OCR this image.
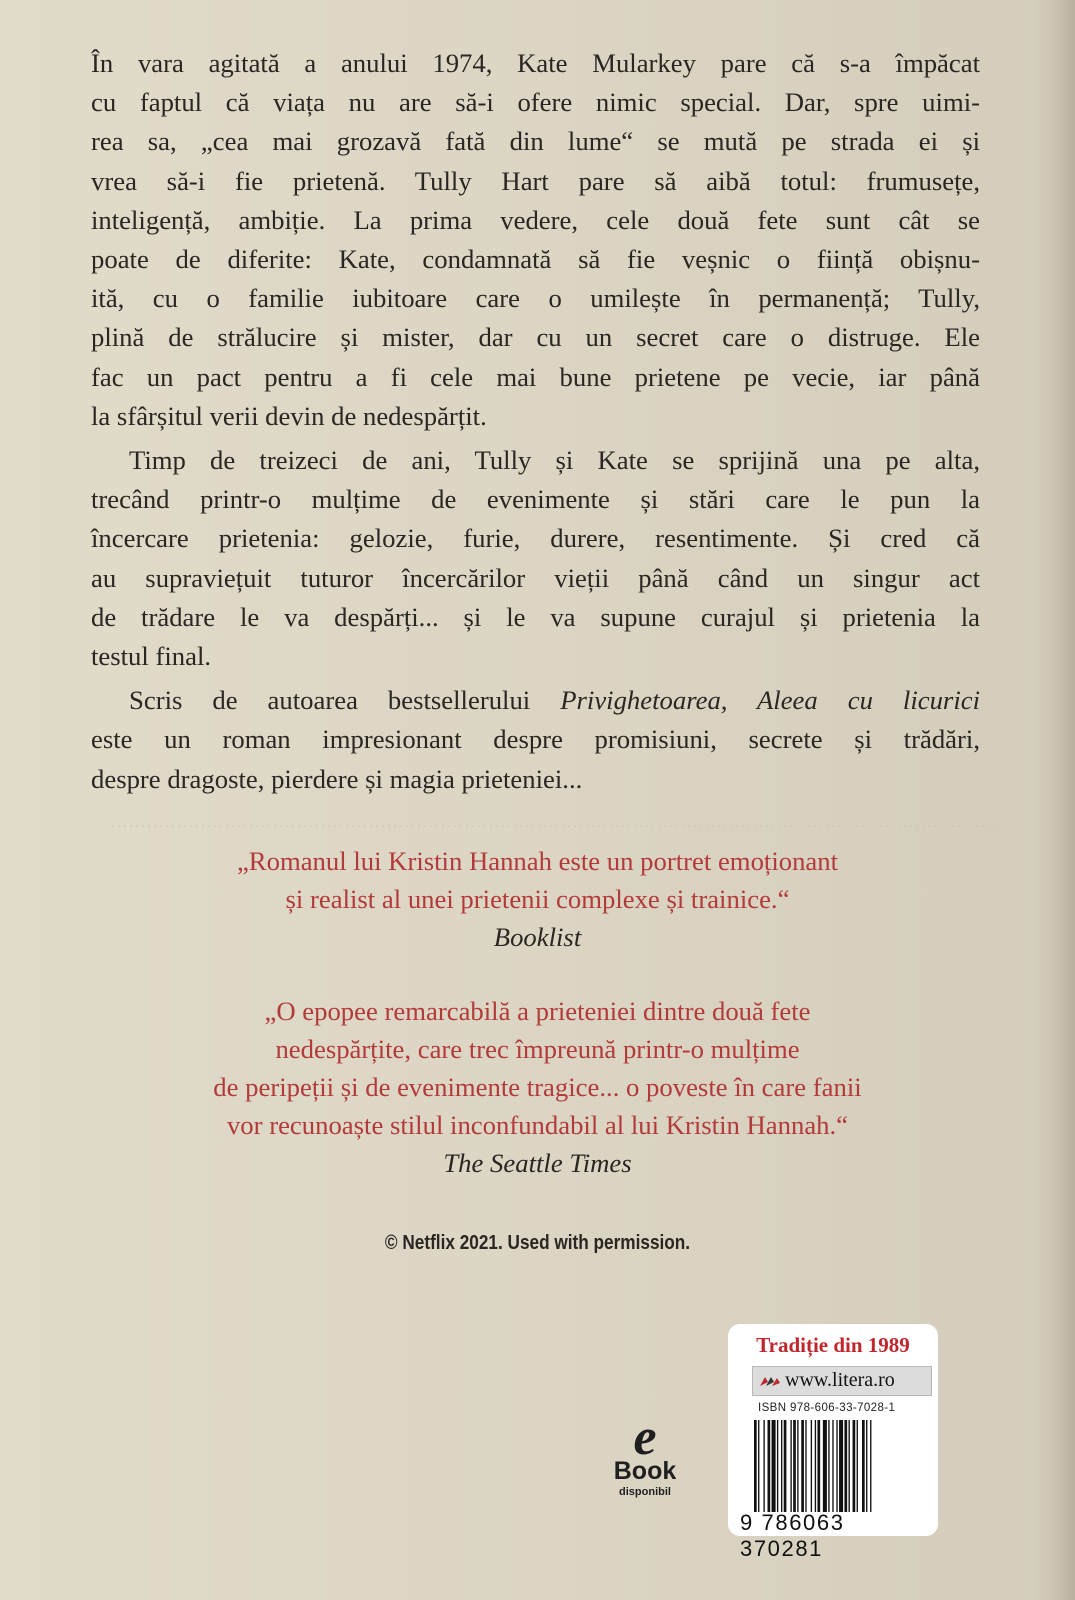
În vara agitată a anului 1974, Kate Mularkey pare că s-a împăcat
cu faptul că viața nu are să-i ofere nimic special. Dar, spre uimi-
rea sa, „cea mai grozavă fată din lume“ se mută pe strada ei și
vrea să-i fie prietenă. Tully Hart pare să aibă totul: frumusețe,
inteligență, ambiție. La prima vedere, cele două fete sunt cât se
poate de diferite: Kate, condamnată să fie veșnic o ființă obișnu-
ită, cu o familie iubitoare care o umilește în permanență; Tully,
plină de strălucire și mister, dar cu un secret care o distruge. Ele
fac un pact pentru a fi cele mai bune prietene pe vecie, iar până
la sfârșitul verii devin de nedespărțit.

Timp de treizeci de ani, Tully și Kate se sprijină una pe alta,
trecând printr-o mulțime de evenimente și stări care le pun la
încercare prietenia: gelozie, furie, durere, resentimente. Și cred că
au supraviețuit tuturor încercărilor vieții până când un singur act
de trădare le va despărți... și le va supune curajul și prietenia la
testul final.

Scris de autoarea bestsellerului Privighetoarea, Aleea cu licurici
este un roman impresionant despre promisiuni, secrete și trădări,
despre dragoste, pierdere și magia prieteniei...

„Romanul lui Kristin Hannah este un portret emoționant
și realist al unei prietenii complexe și trainice.“
Booklist
„O epopee remarcabilă a prieteniei dintre două fete
nedespărțite, care trec împreună printr-o mulțime
de peripeții și de evenimente tragice... o poveste în care fanii
vor recunoaște stilul inconfundabil al lui Kristin Hannah.“
The Seattle Times
© Netflix 2021. Used with permission.
e
Book
disponibil
Tradiție din 1989
www.litera.ro
ISBN 978-606-33-7028-1
9 786063 370281
